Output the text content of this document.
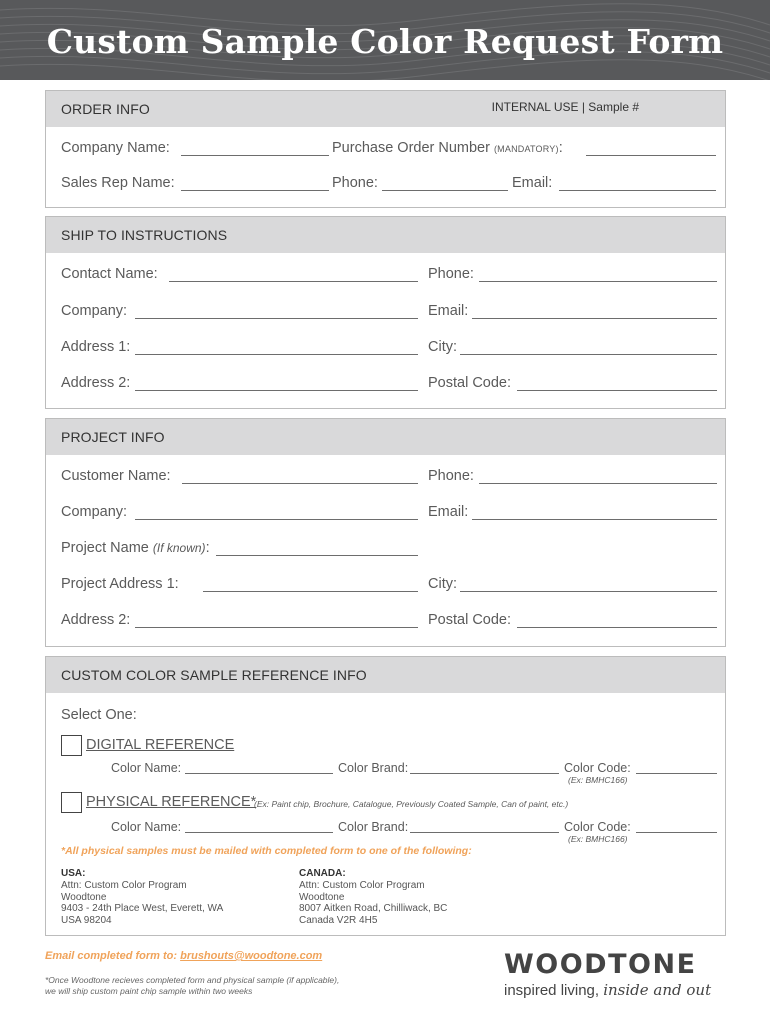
Custom Sample Color Request Form
ORDER INFO	INTERNAL USE | Sample #
Company Name:	Purchase Order Number (MANDATORY):
Sales Rep Name:	Phone:	Email:
SHIP TO INSTRUCTIONS
Contact Name:	Phone:
Company:	Email:
Address 1:	City:
Address 2:	Postal Code:
PROJECT INFO
Customer Name:	Phone:
Company:	Email:
Project Name (If known):
Project Address 1:	City:
Address 2:	Postal Code:
CUSTOM COLOR SAMPLE REFERENCE INFO
Select One:
DIGITAL REFERENCE
Color Name:	Color Brand:	Color Code:
(Ex: BMHC166)
PHYSICAL REFERENCE*
(Ex: Paint chip, Brochure, Catalogue, Previously Coated Sample, Can of paint, etc.)
Color Name:	Color Brand:	Color Code:
(Ex: BMHC166)
*All physical samples must be mailed with completed form to one of the following:
USA:
Attn: Custom Color Program
Woodtone
9403 - 24th Place West, Everett, WA
USA 98204
CANADA:
Attn: Custom Color Program
Woodtone
8007 Aitken Road, Chilliwack, BC
Canada V2R 4H5
Email completed form to: brushouts@woodtone.com
*Once Woodtone recieves completed form and physical sample (if applicable),
we will ship custom paint chip sample within two weeks
WOODTONE
inspired living, inside and out
